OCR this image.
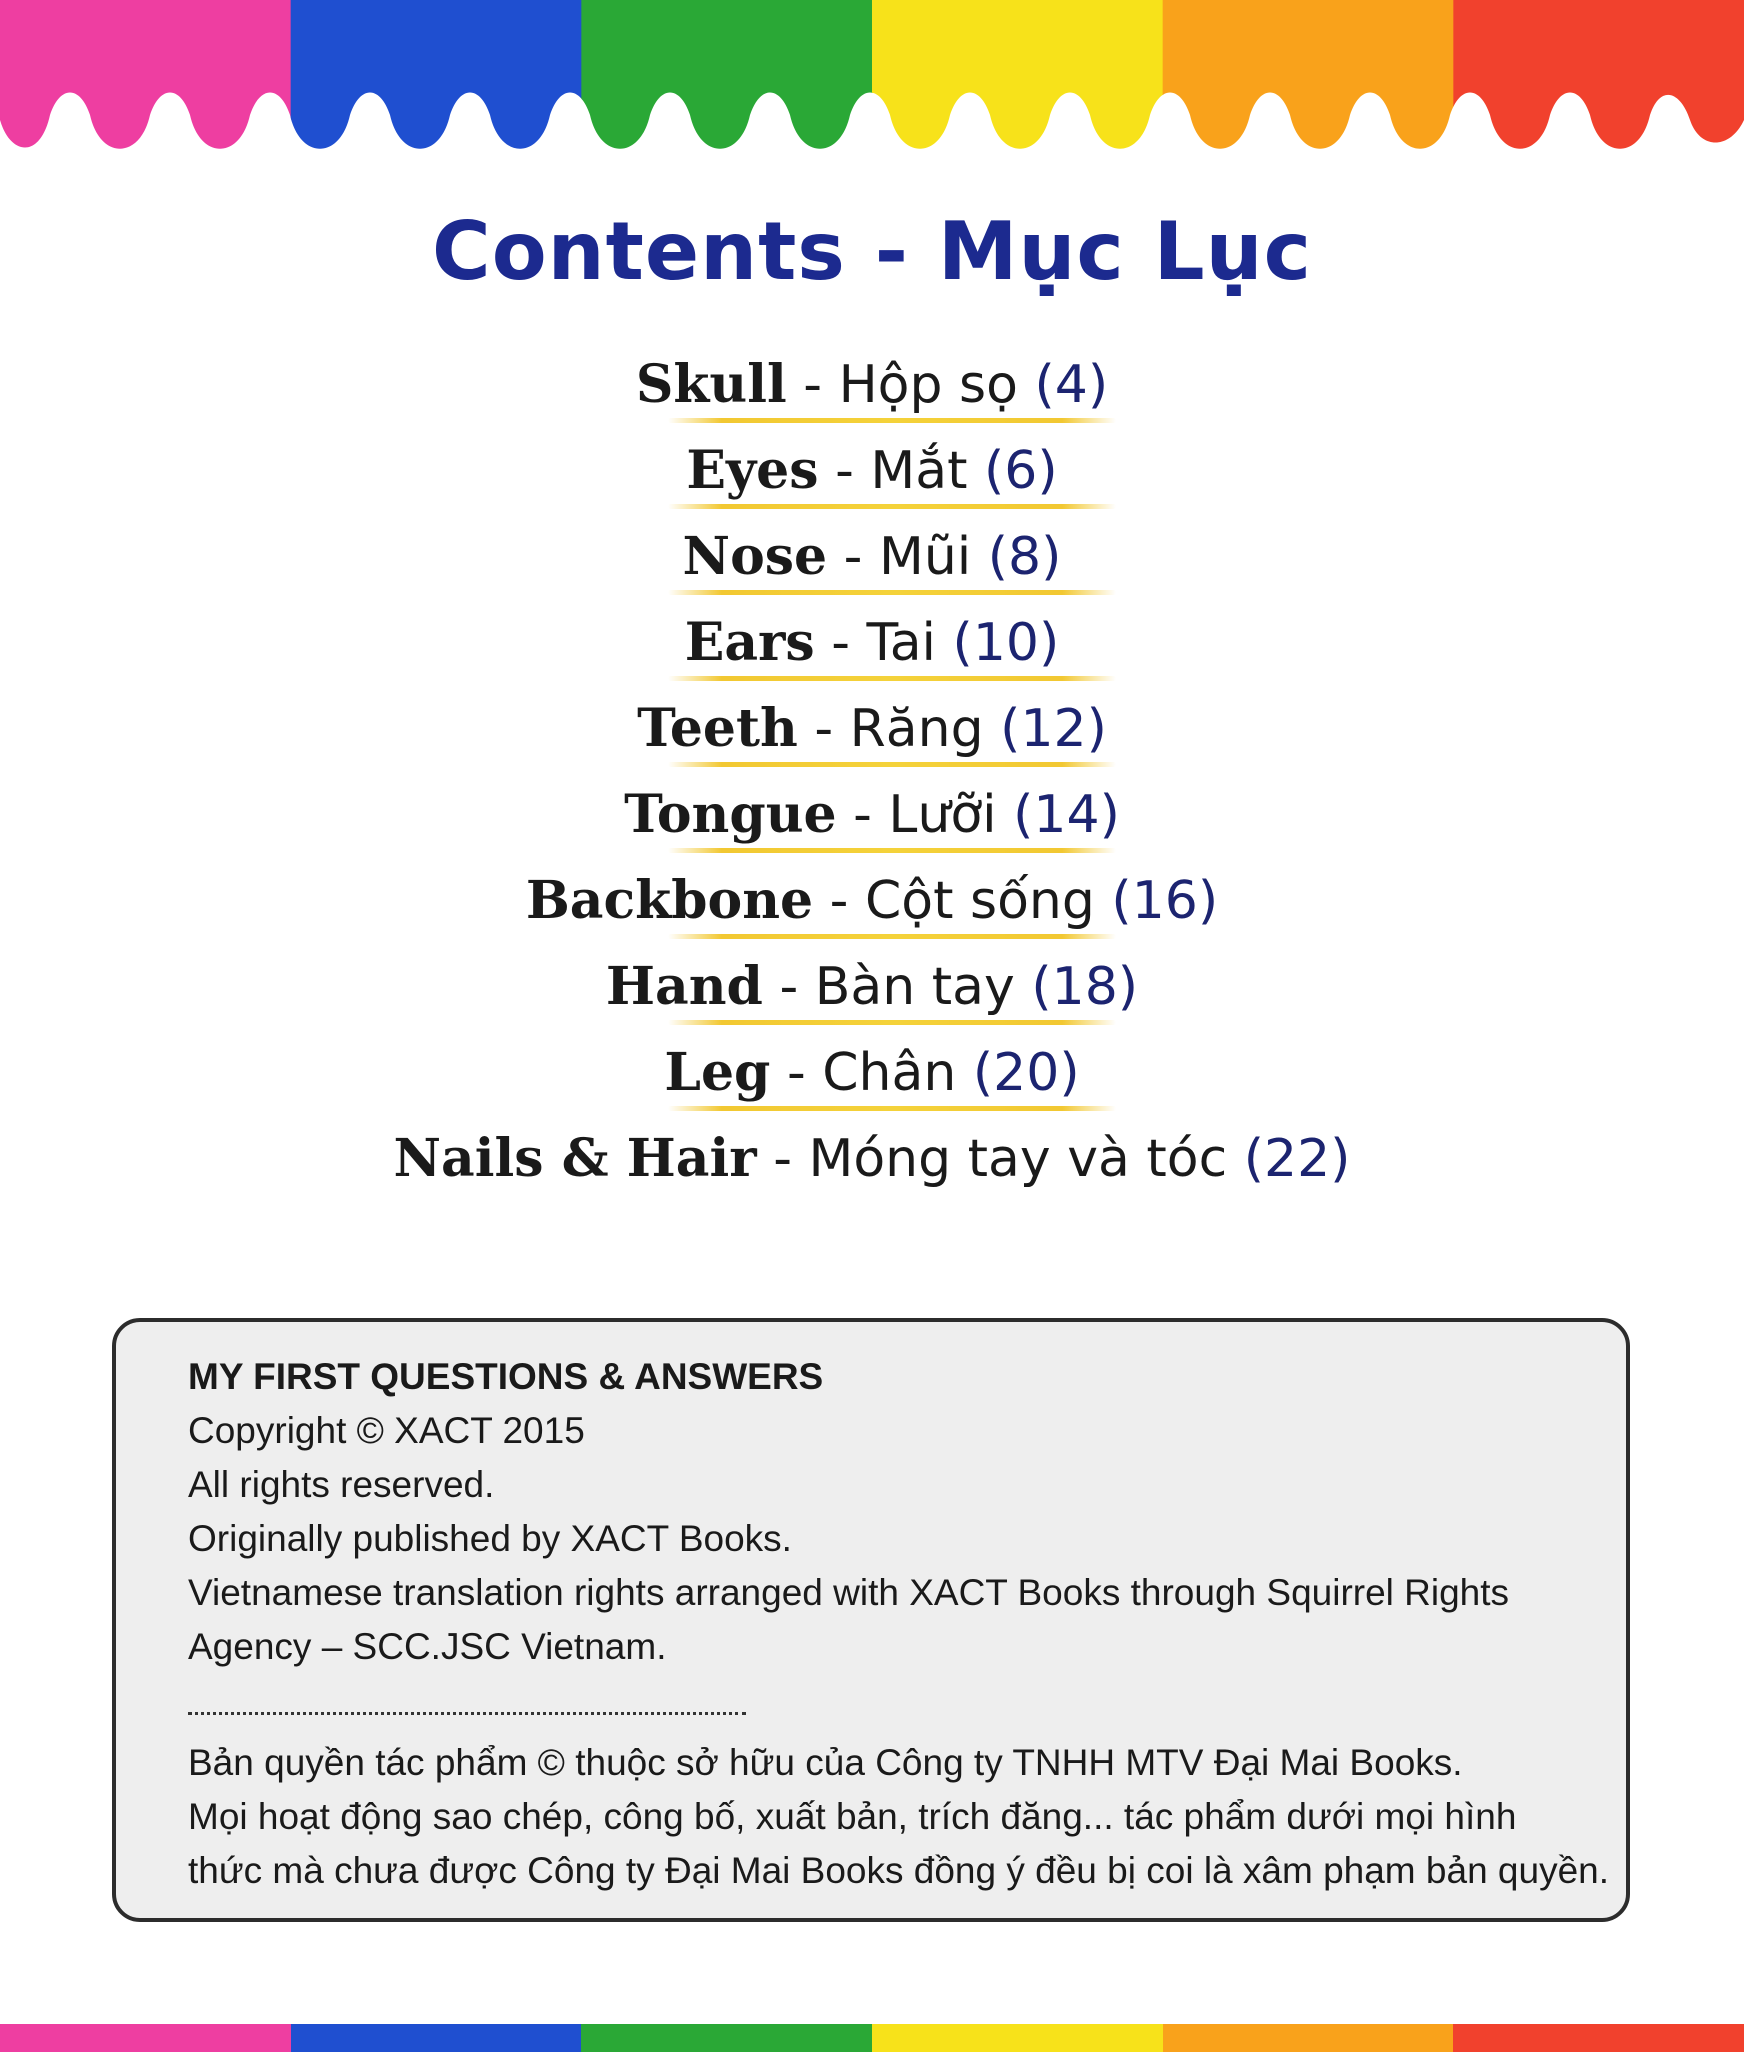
Contents - Mục Lục
Skull - Hộp sọ (4)
Eyes - Mắt (6)
Nose - Mũi (8)
Ears - Tai (10)
Teeth - Răng (12)
Tongue - Lưỡi (14)
Backbone - Cột sống (16)
Hand - Bàn tay (18)
Leg - Chân (20)
Nails & Hair - Móng tay và tóc (22)
MY FIRST QUESTIONS & ANSWERS
Copyright © XACT 2015
All rights reserved.
Originally published by XACT Books.
Vietnamese translation rights arranged with XACT Books through Squirrel Rights
Agency – SCC.JSC Vietnam.
Bản quyền tác phẩm © thuộc sở hữu của Công ty TNHH MTV Đại Mai Books.
Mọi hoạt động sao chép, công bố, xuất bản, trích đăng... tác phẩm dưới mọi hình
thức mà chưa được Công ty Đại Mai Books đồng ý đều bị coi là xâm phạm bản quyền.
